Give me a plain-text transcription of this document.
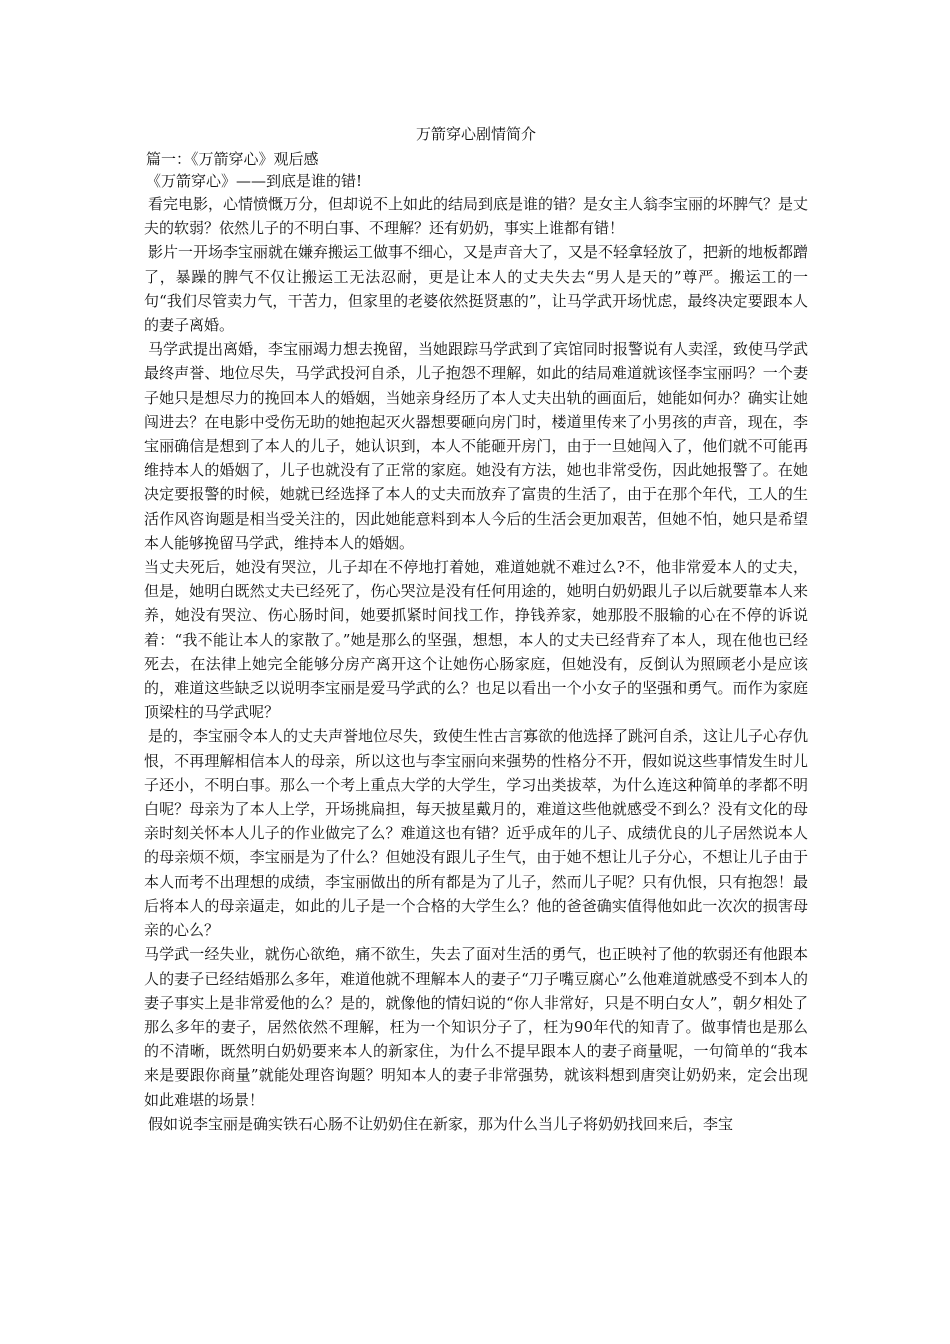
万箭穿心剧情简介
篇一：《万箭穿心》观后感
《万箭穿心》——到底是谁的错!

看完电影，心情愤慨万分，但却说不上如此的结局到底是谁的错？是女主人翁李宝丽的坏脾气？是丈夫的软弱？依然儿子的不明白事、不理解？还有奶奶，事实上谁都有错！

影片一开场李宝丽就在嫌弃搬运工做事不细心，又是声音大了，又是不轻拿轻放了，把新的地板都蹭了，暴躁的脾气不仅让搬运工无法忍耐，更是让本人的丈夫失去“男人是天的”尊严。搬运工的一句“我们尽管卖力气，干苦力，但家里的老婆依然挺贤惠的”，让马学武开场忧虑，最终决定要跟本人的妻子离婚。

马学武提出离婚，李宝丽竭力想去挽留，当她跟踪马学武到了宾馆同时报警说有人卖淫，致使马学武最终声誉、地位尽失，马学武投河自杀，儿子抱怨不理解，如此的结局难道就该怪李宝丽吗？一个妻子她只是想尽力的挽回本人的婚姻，当她亲身经历了本人丈夫出轨的画面后，她能如何办？确实让她闯进去？在电影中受伤无助的她抱起灭火器想要砸向房门时，楼道里传来了小男孩的声音，现在，李宝丽确信是想到了本人的儿子，她认识到，本人不能砸开房门，由于一旦她闯入了，他们就不可能再维持本人的婚姻了，儿子也就没有了正常的家庭。她没有方法，她也非常受伤，因此她报警了。在她决定要报警的时候，她就已经选择了本人的丈夫而放弃了富贵的生活了，由于在那个年代，工人的生活作风咨询题是相当受关注的，因此她能意料到本人今后的生活会更加艰苦，但她不怕，她只是希望本人能够挽留马学武，维持本人的婚姻。

当丈夫死后，她没有哭泣，儿子却在不停地打着她，难道她就不难过么?不，他非常爱本人的丈夫，但是，她明白既然丈夫已经死了，伤心哭泣是没有任何用途的，她明白奶奶跟儿子以后就要靠本人来养，她没有哭泣、伤心肠时间，她要抓紧时间找工作，挣钱养家，她那股不服输的心在不停的诉说着：“我不能让本人的家散了。”她是那么的坚强，想想，本人的丈夫已经背弃了本人，现在他也已经死去，在法律上她完全能够分房产离开这个让她伤心肠家庭，但她没有，反倒认为照顾老小是应该的，难道这些缺乏以说明李宝丽是爱马学武的么？也足以看出一个小女子的坚强和勇气。而作为家庭顶梁柱的马学武呢？

是的，李宝丽令本人的丈夫声誉地位尽失，致使生性古言寡欲的他选择了跳河自杀，这让儿子心存仇恨，不再理解相信本人的母亲，所以这也与李宝丽向来强势的性格分不开，假如说这些事情发生时儿子还小，不明白事。那么一个考上重点大学的大学生，学习出类拔萃，为什么连这种简单的孝都不明白呢？母亲为了本人上学，开场挑扁担，每天披星戴月的，难道这些他就感受不到么？没有文化的母亲时刻关怀本人儿子的作业做完了么？难道这也有错？近乎成年的儿子、成绩优良的儿子居然说本人的母亲烦不烦，李宝丽是为了什么？但她没有跟儿子生气，由于她不想让儿子分心，不想让儿子由于本人而考不出理想的成绩，李宝丽做出的所有都是为了儿子，然而儿子呢？只有仇恨，只有抱怨！最后将本人的母亲逼走，如此的儿子是一个合格的大学生么？他的爸爸确实值得他如此一次次的损害母亲的心么？

马学武一经失业，就伤心欲绝，痛不欲生，失去了面对生活的勇气，也正映衬了他的软弱还有他跟本人的妻子已经结婚那么多年，难道他就不理解本人的妻子“刀子嘴豆腐心”么他难道就感受不到本人的妻子事实上是非常爱他的么？是的，就像他的情妇说的“你人非常好，只是不明白女人”，朝夕相处了那么多年的妻子，居然依然不理解，枉为一个知识分子了，枉为90年代的知青了。做事情也是那么的不清晰，既然明白奶奶要来本人的新家住，为什么不提早跟本人的妻子商量呢，一句简单的“我本来是要跟你商量”就能处理咨询题？明知本人的妻子非常强势，就该料想到唐突让奶奶来，定会出现如此难堪的场景！

假如说李宝丽是确实铁石心肠不让奶奶住在新家，那为什么当儿子将奶奶找回来后，李宝
